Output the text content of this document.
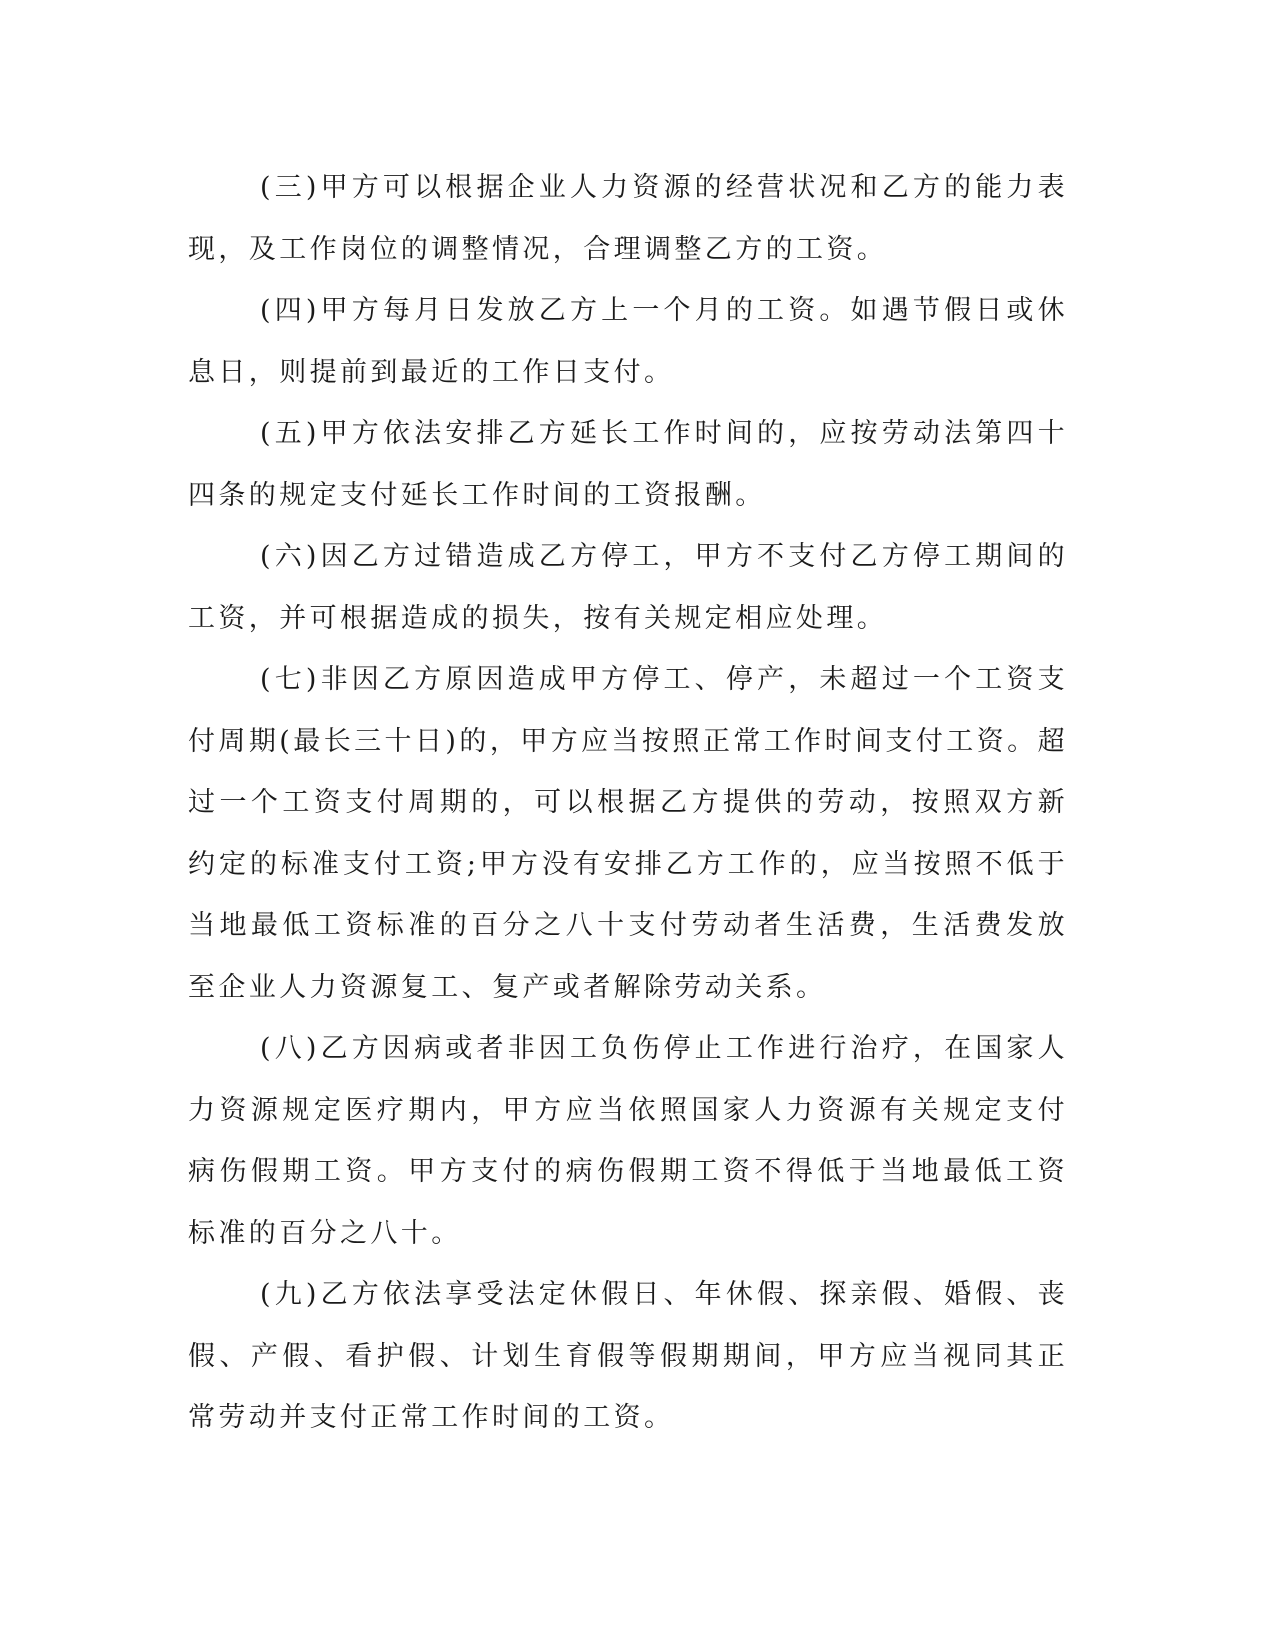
(三)甲方可以根据企业人力资源的经营状况和乙方的能力表现，及工作岗位的调整情况，合理调整乙方的工资。

(四)甲方每月日发放乙方上一个月的工资。如遇节假日或休息日，则提前到最近的工作日支付。

(五)甲方依法安排乙方延长工作时间的，应按劳动法第四十四条的规定支付延长工作时间的工资报酬。

(六)因乙方过错造成乙方停工，甲方不支付乙方停工期间的工资，并可根据造成的损失，按有关规定相应处理。

(七)非因乙方原因造成甲方停工、停产，未超过一个工资支付周期(最长三十日)的，甲方应当按照正常工作时间支付工资。超过一个工资支付周期的，可以根据乙方提供的劳动，按照双方新约定的标准支付工资;甲方没有安排乙方工作的，应当按照不低于当地最低工资标准的百分之八十支付劳动者生活费，生活费发放至企业人力资源复工、复产或者解除劳动关系。

(八)乙方因病或者非因工负伤停止工作进行治疗，在国家人力资源规定医疗期内，甲方应当依照国家人力资源有关规定支付病伤假期工资。甲方支付的病伤假期工资不得低于当地最低工资标准的百分之八十。

(九)乙方依法享受法定休假日、年休假、探亲假、婚假、丧假、产假、看护假、计划生育假等假期期间，甲方应当视同其正常劳动并支付正常工作时间的工资。
